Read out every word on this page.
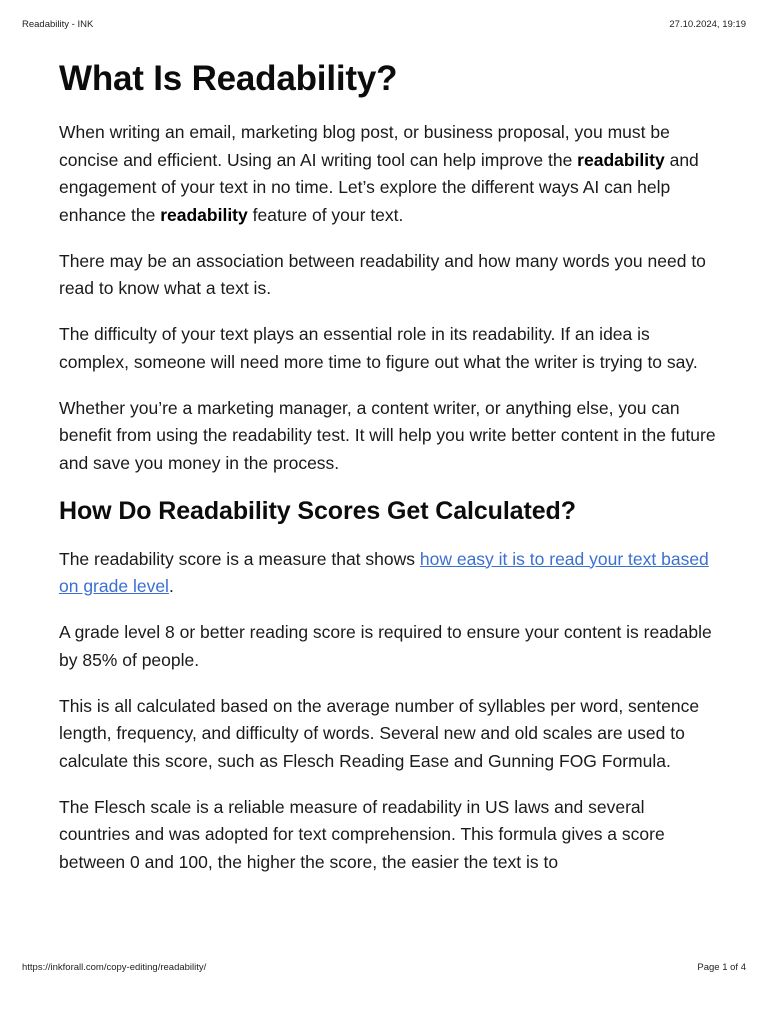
Readability - INK	27.10.2024, 19:19
What Is Readability?

When writing an email, marketing blog post, or business proposal, you must be concise and efficient. Using an AI writing tool can help improve the readability and engagement of your text in no time. Let’s explore the different ways AI can help enhance the readability feature of your text.

There may be an association between readability and how many words you need to read to know what a text is.

The difficulty of your text plays an essential role in its readability. If an idea is complex, someone will need more time to figure out what the writer is trying to say.

Whether you’re a marketing manager, a content writer, or anything else, you can benefit from using the readability test. It will help you write better content in the future and save you money in the process.

How Do Readability Scores Get Calculated?

The readability score is a measure that shows how easy it is to read your text based on grade level.

A grade level 8 or better reading score is required to ensure your content is readable by 85% of people.

This is all calculated based on the average number of syllables per word, sentence length, frequency, and difficulty of words. Several new and old scales are used to calculate this score, such as Flesch Reading Ease and Gunning FOG Formula.

The Flesch scale is a reliable measure of readability in US laws and several countries and was adopted for text comprehension. This formula gives a score between 0 and 100, the higher the score, the easier the text is to

https://inkforall.com/copy-editing/readability/	Page 1 of 4
